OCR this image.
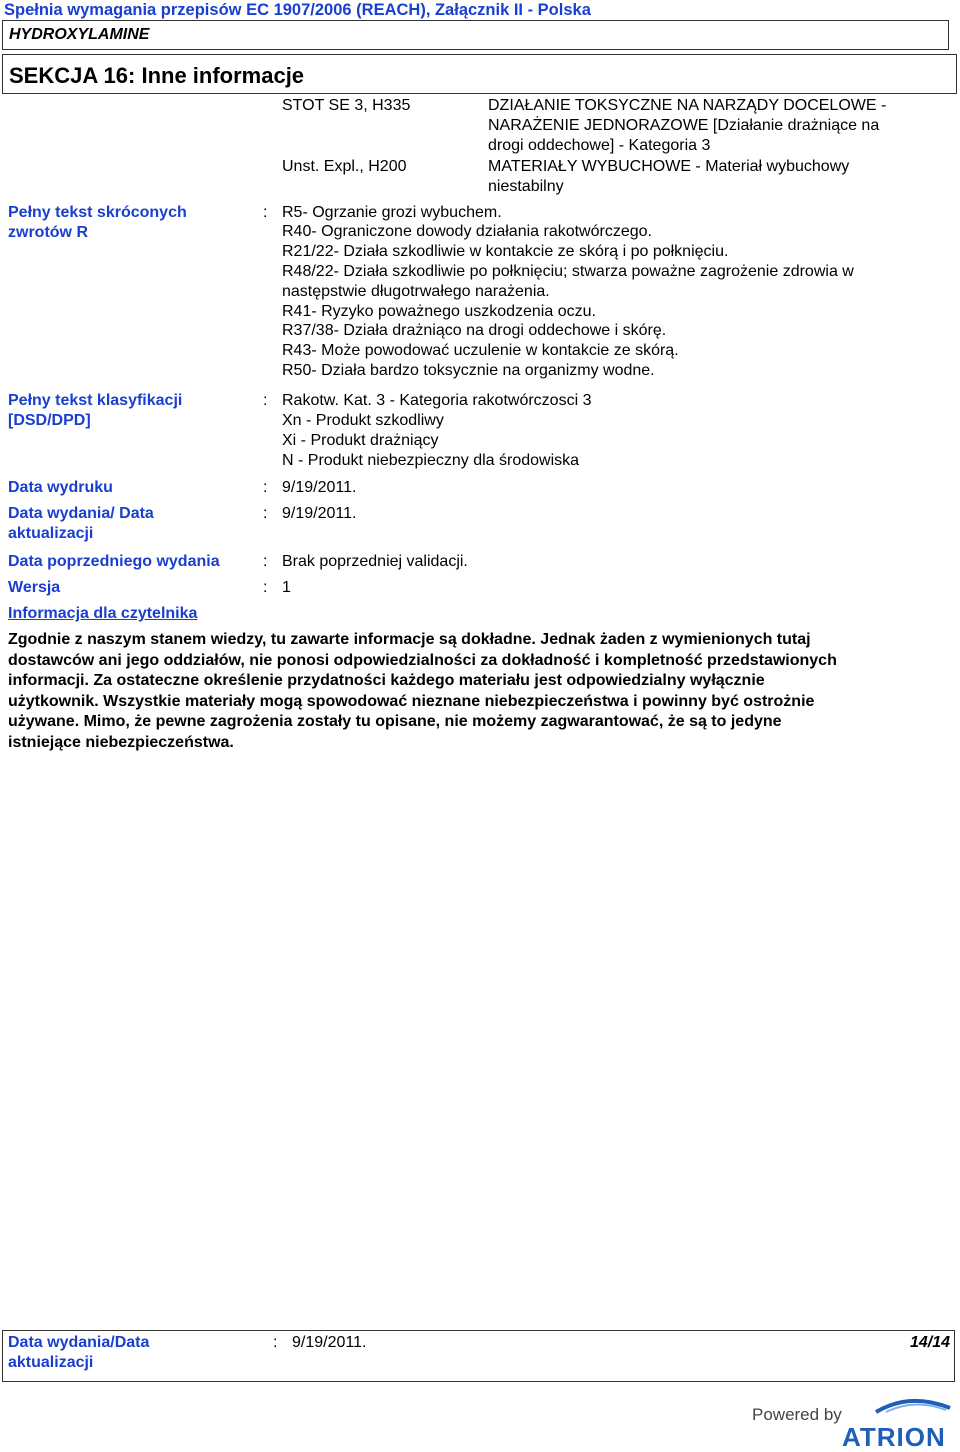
Spełnia wymagania przepisów EC 1907/2006 (REACH), Załącznik II - Polska
HYDROXYLAMINE
SEKCJA 16: Inne informacje
STOT SE 3, H335	DZIAŁANIE TOKSYCZNE NA NARZĄDY DOCELOWE -
NARAŻENIE JEDNORAZOWE [Działanie drażniące na
drogi oddechowe] - Kategoria 3
Unst. Expl., H200	MATERIAŁY WYBUCHOWE - Materiał wybuchowy
niestabilny
Pełny tekst skróconych
zwrotów R
: R5- Ogrzanie grozi wybuchem.
R40- Ograniczone dowody działania rakotwórczego.
R21/22- Działa szkodliwie w kontakcie ze skórą i po połknięciu.
R48/22- Działa szkodliwie po połknięciu; stwarza poważne zagrożenie zdrowia w
następstwie długotrwałego narażenia.
R41- Ryzyko poważnego uszkodzenia oczu.
R37/38- Działa drażniąco na drogi oddechowe i skórę.
R43- Może powodować uczulenie w kontakcie ze skórą.
R50- Działa bardzo toksycznie na organizmy wodne.
Pełny tekst klasyfikacji
[DSD/DPD]
: Rakotw. Kat. 3 - Kategoria rakotwórczosci 3
Xn - Produkt szkodliwy
Xi - Produkt drażniący
N - Produkt niebezpieczny dla środowiska
Data wydruku	: 9/19/2011.
Data wydania/ Data
aktualizacji
: 9/19/2011.
Data poprzedniego wydania	: Brak poprzedniej validacji.
Wersja	: 1
Informacja dla czytelnika
Zgodnie z naszym stanem wiedzy, tu zawarte informacje są dokładne. Jednak żaden z wymienionych tutaj
dostawców ani jego oddziałów, nie ponosi odpowiedzialności za dokładność i kompletność przedstawionych
informacji. Za ostateczne określenie przydatności każdego materiału jest odpowiedzialny wyłącznie
użytkownik. Wszystkie materiały mogą spowodować nieznane niebezpieczeństwa i powinny być ostrożnie
używane. Mimo, że pewne zagrożenia zostały tu opisane, nie możemy zagwarantować, że są to jedyne
istniejące niebezpieczeństwa.
Data wydania/Data
aktualizacji
: 9/19/2011.	14/14
Powered by
ATRION
